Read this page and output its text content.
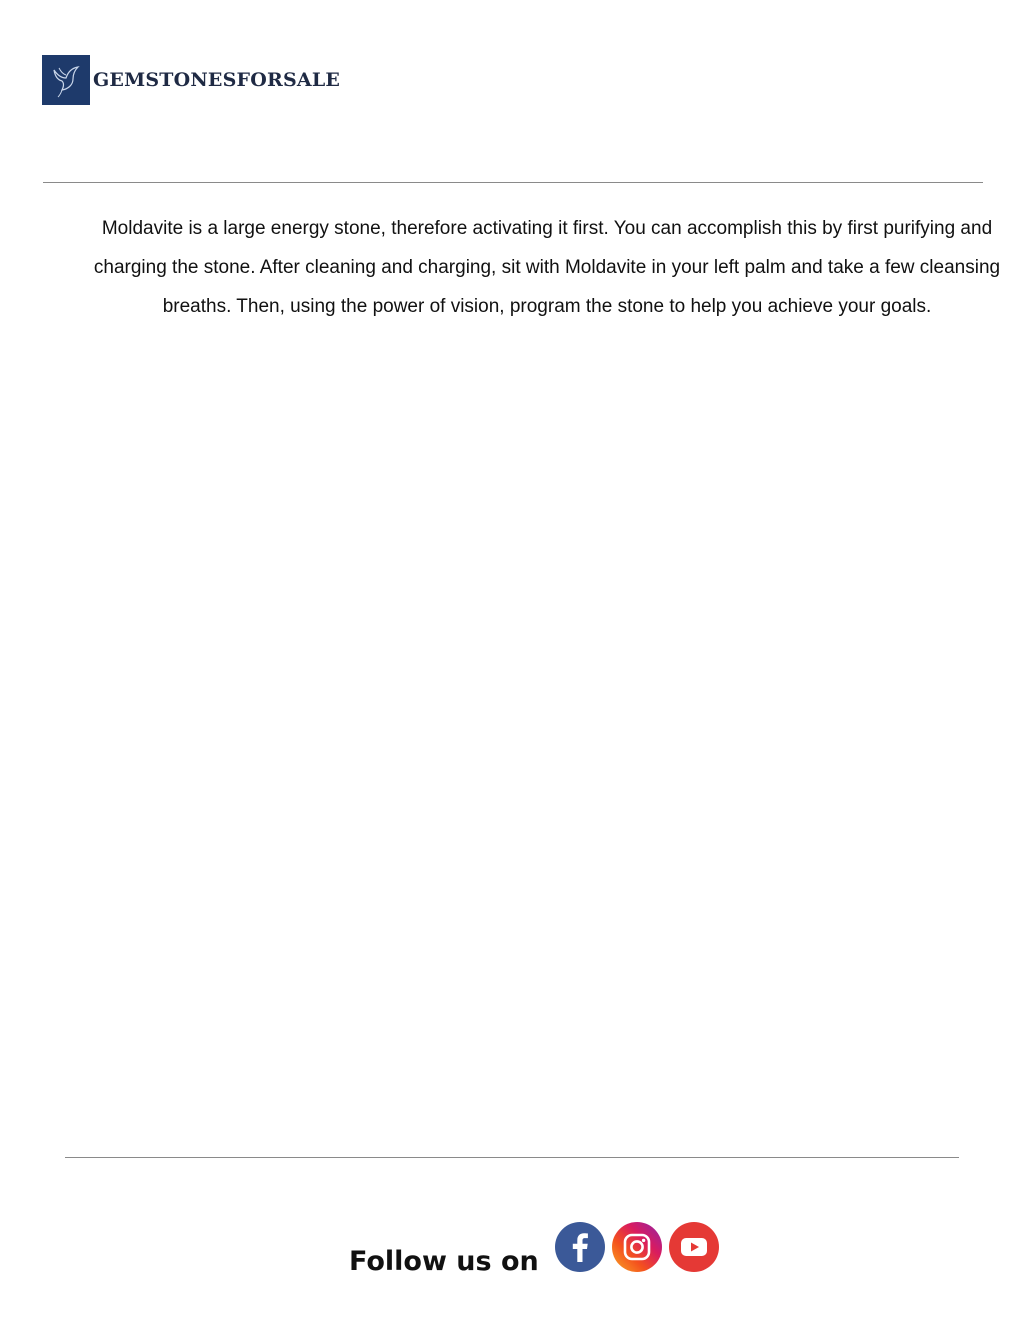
GEMSTONESFORSALE

Moldavite is a large energy stone, therefore activating it first. You can accomplish this by first purifying and charging the stone. After cleaning and charging, sit with Moldavite in your left palm and take a few cleansing breaths. Then, using the power of vision, program the stone to help you achieve your goals.

Follow us on
